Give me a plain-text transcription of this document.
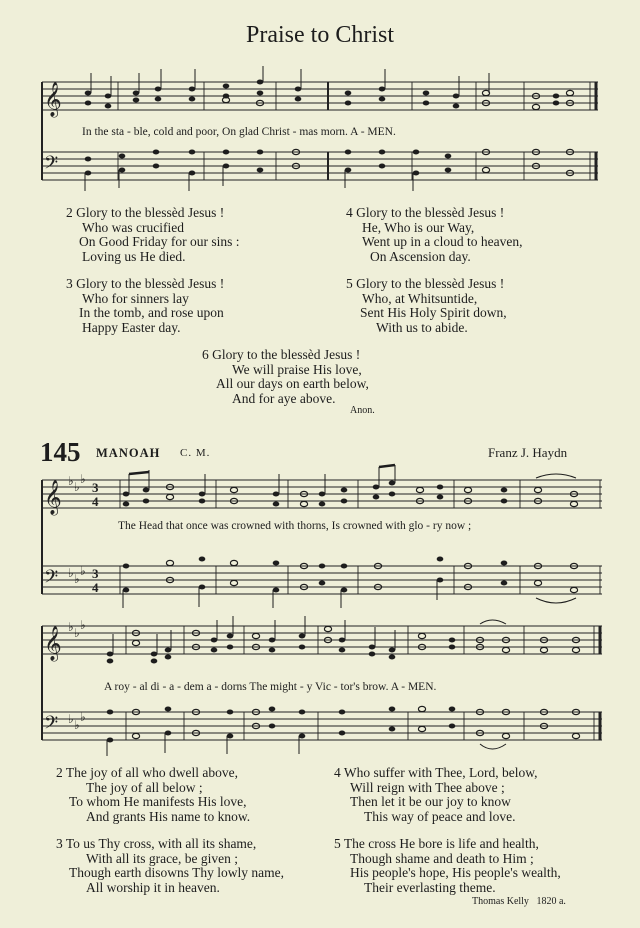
Praise to Christ
𝄞
𝄢
In the sta - ble, cold and poor, On glad Christ - mas morn. A - MEN.
2 Glory to the blessèd Jesus !
Who was crucified
On Good Friday for our sins :
Loving us He died.
4 Glory to the blessèd Jesus !
He, Who is our Way,
Went up in a cloud to heaven,
On Ascension day.
3 Glory to the blessèd Jesus !
Who for sinners lay
In the tomb, and rose upon
Happy Easter day.
5 Glory to the blessèd Jesus !
Who, at Whitsuntide,
Sent His Holy Spirit down,
With us to abide.
6 Glory to the blessèd Jesus !
We will praise His love,
All our days on earth below,
And for aye above.
Anon.
145 MANOAH C. M.	Franz J. Haydn
𝄞
𝄢
♭ ♭
♭
♭ ♭
♭
3
4
3
4
The Head that once was crowned with thorns, Is crowned with glo - ry now ;
𝄞
𝄢
♭ ♭
♭
♭ ♭
♭
A roy - al di - a - dem a - dorns The might - y Vic - tor's brow. A - MEN.
2 The joy of all who dwell above,
The joy of all below ;
To whom He manifests His love,
And grants His name to know.
4 Who suffer with Thee, Lord, below,
Will reign with Thee above ;
Then let it be our joy to know
This way of peace and love.
3 To us Thy cross, with all its shame,
With all its grace, be given ;
Though earth disowns Thy lowly name,
All worship it in heaven.
5 The cross He bore is life and health,
Though shame and death to Him ;
His people's hope, His people's wealth,
Their everlasting theme.
Thomas Kelly 1820 a.
